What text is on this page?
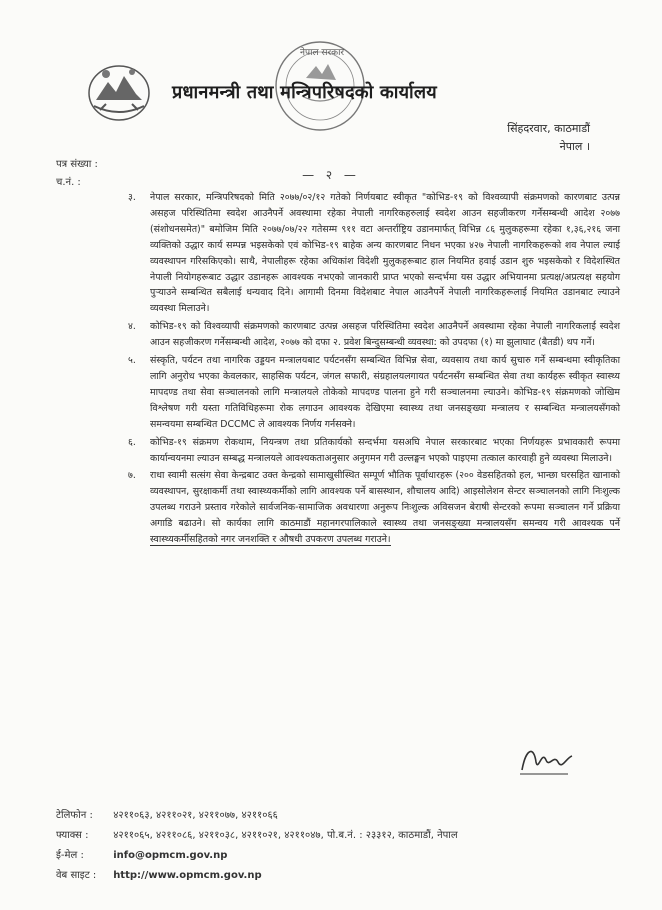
नेपाल सरकार
प्रधानमन्त्री तथा मन्त्रिपरिषदको कार्यालय
सिंहदरवार, काठमाडौं
नेपाल ।
पत्र संख्या :
च.नं. :
— २ —

३. नेपाल सरकार, मन्त्रिपरिषदको मिति २०७७/०२/१२ गतेको निर्णयबाट स्वीकृत "कोभिड-१९ को विश्वव्यापी संक्रमणको कारणबाट उत्पन्न असहज परिस्थितिमा स्वदेश आउनैपर्ने अवस्थामा रहेका नेपाली नागरिकहरुलाई स्वदेश आउन सहजीकरण गर्नेसम्बन्धी आदेश २०७७ (संशोधनसमेत)" बमोजिम मिति २०७७/०७/२२ गतेसम्म ९११ वटा अन्तर्राष्ट्रिय उडानमार्फत् विभिन्न ८६ मुलुकहरूमा रहेका १,३६,२१६ जना व्यक्तिको उद्धार कार्य सम्पन्न भइसकेको एवं कोभिड-१९ बाहेक अन्य कारणबाट निधन भएका ४२७ नेपाली नागरिकहरूको शव नेपाल ल्याई व्यवस्थापन गरिसकिएको। साथै, नेपालीहरू रहेका अधिकांश विदेशी मुलुकहरूबाट हाल नियमित हवाई उडान शुरु भइसकेको र विदेशस्थित नेपाली नियोगहरूबाट उद्धार उडानहरू आवश्यक नभएको जानकारी प्राप्त भएको सन्दर्भमा यस उद्धार अभियानमा प्रत्यक्ष/अप्रत्यक्ष सहयोग पुऱ्याउने सम्बन्धित सबैलाई धन्यवाद दिने। आगामी दिनमा विदेशबाट नेपाल आउनैपर्ने नेपाली नागरिकहरूलाई नियमित उडानबाट ल्याउने व्यवस्था मिलाउने।

४. कोभिड-१९ को विश्वव्यापी संक्रमणको कारणबाट उत्पन्न असहज परिस्थितिमा स्वदेश आउनैपर्ने अवस्थामा रहेका नेपाली नागरिकलाई स्वदेश आउन सहजीकरण गर्नेसम्बन्धी आदेश, २०७७ को दफा २. प्रवेश बिन्दुसम्बन्धी व्यवस्था: को उपदफा (१) मा झुलाघाट (बैतडी) थप गर्ने।

५. संस्कृति, पर्यटन तथा नागरिक उड्डयन मन्त्रालयबाट पर्यटनसँग सम्बन्धित विभिन्न सेवा, व्यवसाय तथा कार्य सुचारु गर्ने सम्बन्धमा स्वीकृतिका लागि अनुरोध भएका केवलकार, साहसिक पर्यटन, जंगल सफारी, संग्रहालयलगायत पर्यटनसँग सम्बन्धित सेवा तथा कार्यहरू स्वीकृत स्वास्थ्य मापदण्ड तथा सेवा सञ्चालनको लागि मन्त्रालयले तोकेको मापदण्ड पालना हुने गरी सञ्चालनमा ल्याउने। कोभिड-१९ संक्रमणको जोखिम विश्लेषण गरी यस्ता गतिविधिहरूमा रोक लगाउन आवश्यक देखिएमा स्वास्थ्य तथा जनसङ्ख्या मन्त्रालय र सम्बन्धित मन्त्रालयसँगको समन्वयमा सम्बन्धित DCCMC ले आवश्यक निर्णय गर्नसक्ने।

६. कोभिड-१९ संक्रमण रोकथाम, नियन्त्रण तथा प्रतिकार्यको सन्दर्भमा यसअघि नेपाल सरकारबाट भएका निर्णयहरू प्रभावकारी रूपमा कार्यान्वयनमा ल्याउन सम्बद्ध मन्त्रालयले आवश्यकताअनुसार अनुगमन गरी उल्लङ्घन भएको पाइएमा तत्काल कारवाही हुने व्यवस्था मिलाउने।

७. राधा स्वामी सत्संग सेवा केन्द्रबाट उक्त केन्द्रको सामाखुसीस्थित सम्पूर्ण भौतिक पूर्वाधारहरू (२०० वेडसहितको हल, भान्छा घरसहित खानाको व्यवस्थापन, सुरक्षाकर्मी तथा स्वास्थ्यकर्मीको लागि आवश्यक पर्ने बासस्थान, शौचालय आदि) आइसोलेशन सेन्टर सञ्चालनको लागि निःशुल्क उपलब्ध गराउने प्रस्ताव गरेकोले सार्वजनिक-सामाजिक अवधारणा अनुरूप निःशुल्क अविसजन बेराषी सेन्टरको रूपमा सञ्चालन गर्ने प्रक्रिया अगाडि बढाउने। सो कार्यका लागि काठमाडौं महानगरपालिकाले स्वास्थ्य तथा जनसङ्ख्या मन्त्रालयसँग समन्वय गरी आवश्यक पर्ने स्वास्थ्यकर्मीसहितको नगर जनशक्ति र औषधी उपकरण उपलब्ध गराउने।

टेलिफोन : ४२११०६३, ४२११०२१, ४२११०७७, ४२११०६६
फ्याक्स : ४२११०६५, ४२११०८६, ४२११०३८, ४२११०२१, ४२११०४७, पो.ब.नं. : २३३१२, काठमाडौं, नेपाल
ई-मेल :	info@opmcm.gov.np
वेब साइट : http://www.opmcm.gov.np
